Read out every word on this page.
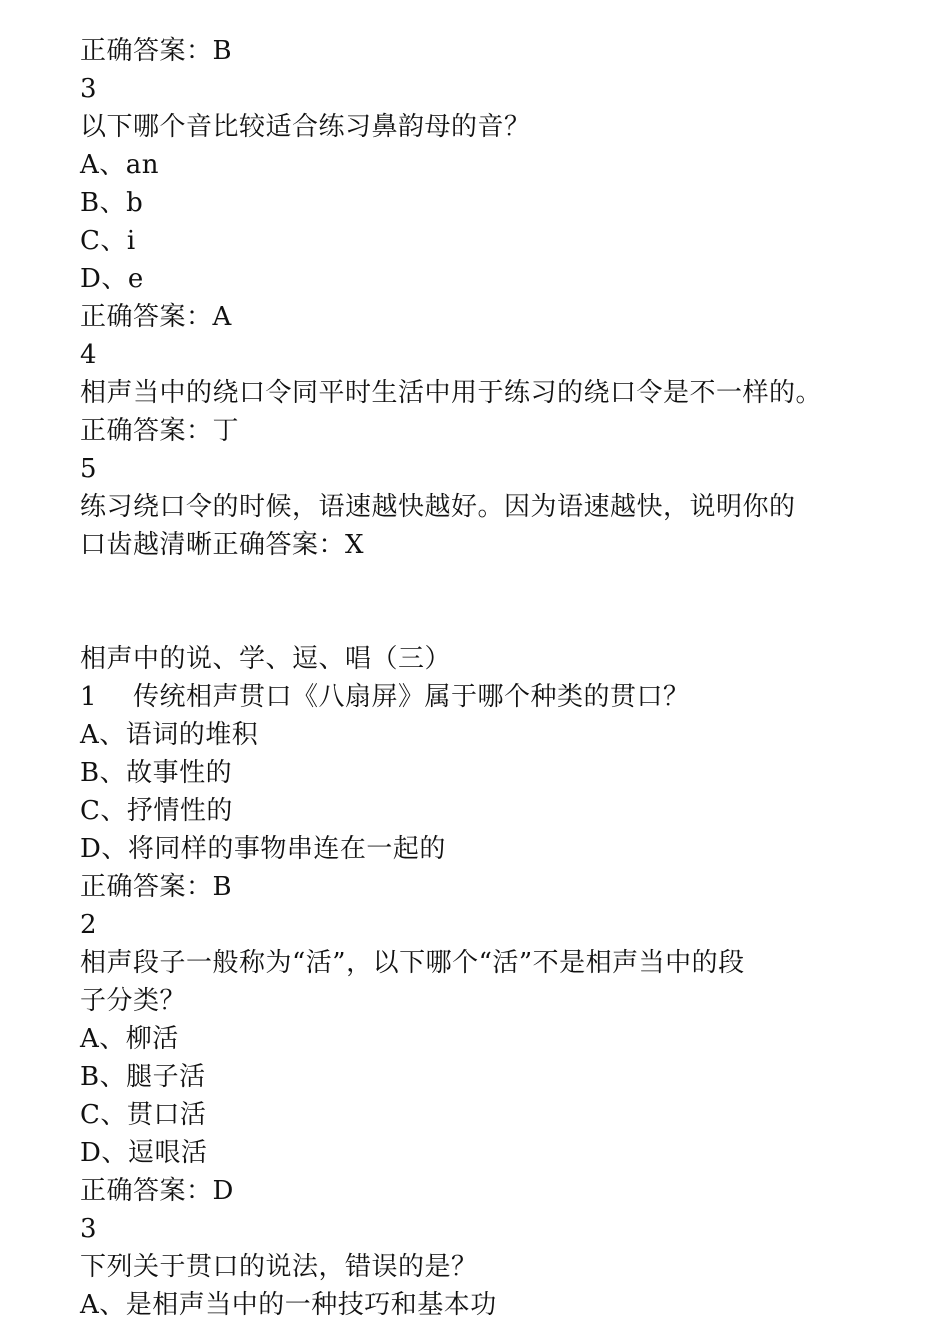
正确答案：B
3
以下哪个音比较适合练习鼻韵母的音？
A、an
B、b
C、i
D、e
正确答案：A
4
相声当中的绕口令同平时生活中用于练习的绕口令是不一样的。
正确答案：丁
5
练习绕口令的时候，语速越快越好。因为语速越快，说明你的
口齿越清晰正确答案：X
相声中的说、学、逗、唱（三）
1 传统相声贯口《八扇屏》属于哪个种类的贯口？
A、语词的堆积
B、故事性的
C、抒情性的
D、将同样的事物串连在一起的
正确答案：B
2
相声段子一般称为“活”，以下哪个“活”不是相声当中的段
子分类？
A、柳活
B、腿子活
C、贯口活
D、逗哏活
正确答案：D
3
下列关于贯口的说法，错误的是？
A、是相声当中的一种技巧和基本功
